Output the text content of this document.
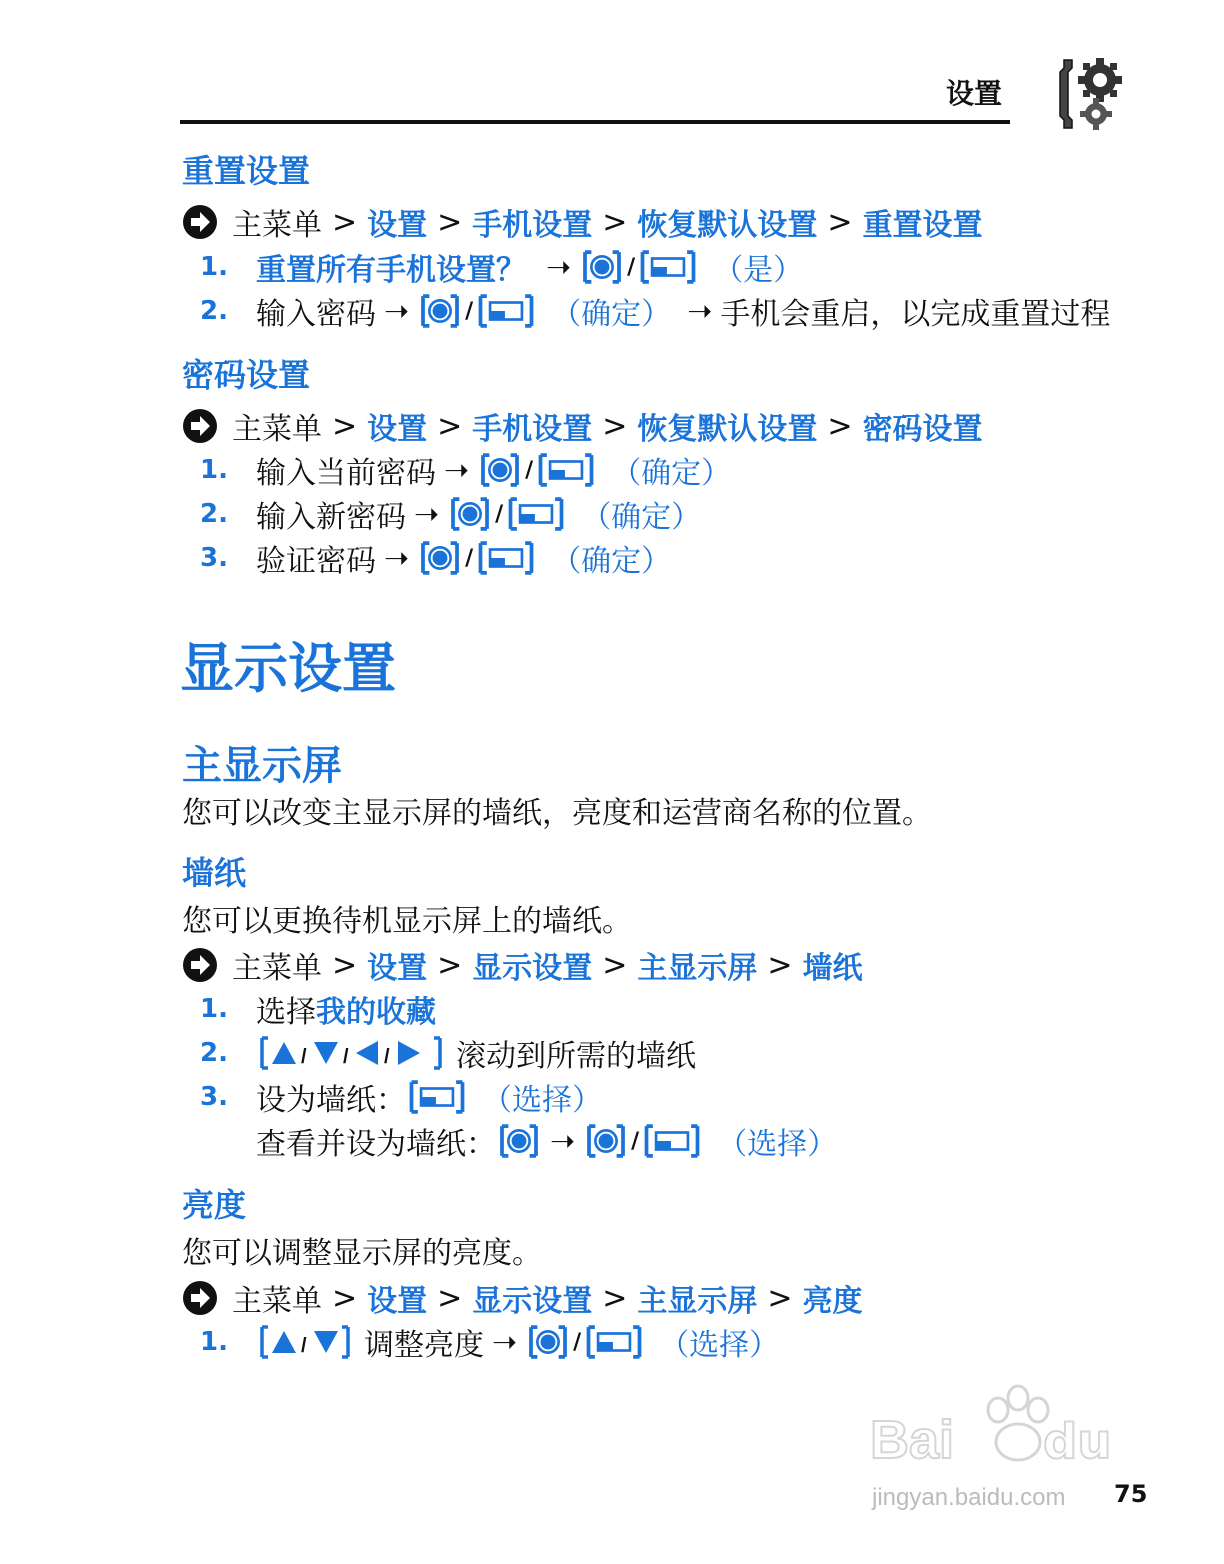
设置
重置设置
主菜单 > 设置 > 手机设置 > 恢复默认设置 > 重置设置
1. 重置所有手机设置？ ➝	/	（是）
2. 输入密码 ➝	/	（确定） ➝ 手机会重启，以完成重置过程
密码设置
主菜单 > 设置 > 手机设置 > 恢复默认设置 > 密码设置
1. 输入当前密码 ➝	/	（确定）
2. 输入新密码 ➝	/	（确定）
3. 验证密码 ➝	/	（确定）
显示设置
主显示屏
您可以改变主显示屏的墙纸，亮度和运营商名称的位置。
墙纸
您可以更换待机显示屏上的墙纸。
主菜单 > 设置 > 显示设置 > 主显示屏 > 墙纸
1. 选择 我的收藏
2.	/ / / 滚动到所需的墙纸
3. 设为墙纸：	（选择）
查看并设为墙纸： ➝	/	（选择）
亮度
您可以调整显示屏的亮度。
主菜单 > 设置 > 显示设置 > 主显示屏 > 亮度
1.	/ 调整亮度 ➝	/	（选择）
Bai du
jingyan.baidu.com 75
